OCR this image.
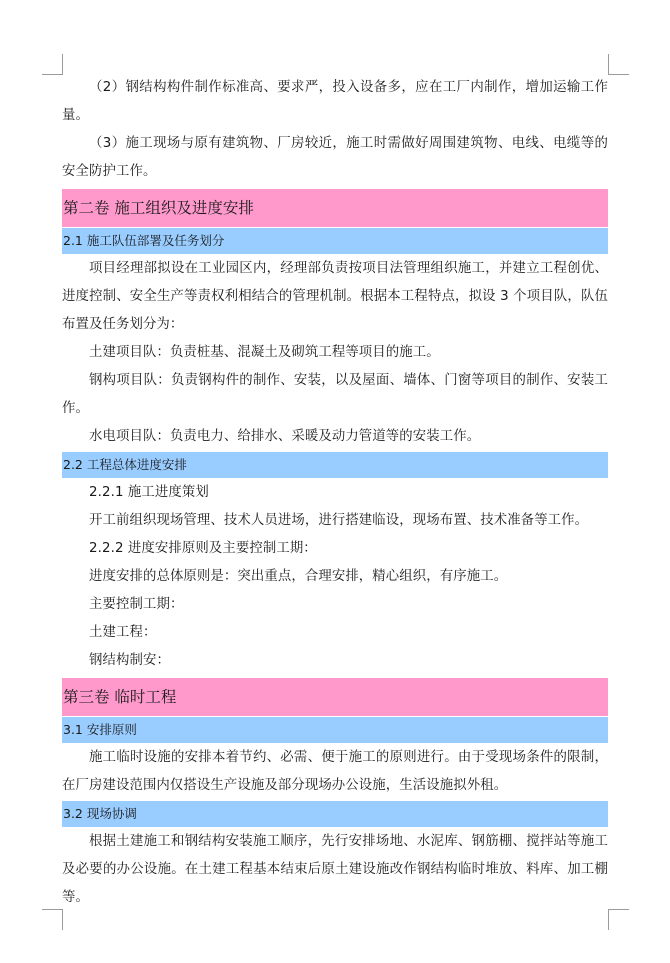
（2）钢结构构件制作标准高、要求严，投入设备多，应在工厂内制作，增加运输工作量。

（3）施工现场与原有建筑物、厂房较近，施工时需做好周围建筑物、电线、电缆等的安全防护工作。

第二卷 施工组织及进度安排
2.1 施工队伍部署及任务划分

项目经理部拟设在工业园区内，经理部负责按项目法管理组织施工，并建立工程创优、进度控制、安全生产等责权利相结合的管理机制。根据本工程特点，拟设 3 个项目队，队伍布置及任务划分为：

土建项目队：负责桩基、混凝土及砌筑工程等项目的施工。

钢构项目队：负责钢构件的制作、安装，以及屋面、墙体、门窗等项目的制作、安装工作。

水电项目队：负责电力、给排水、采暖及动力管道等的安装工作。

2.2 工程总体进度安排

2.2.1 施工进度策划

开工前组织现场管理、技术人员进场，进行搭建临设，现场布置、技术准备等工作。

2.2.2 进度安排原则及主要控制工期：

进度安排的总体原则是：突出重点，合理安排，精心组织，有序施工。

主要控制工期：

土建工程：

钢结构制安：

第三卷 临时工程
3.1 安排原则

施工临时设施的安排本着节约、必需、便于施工的原则进行。由于受现场条件的限制，在厂房建设范围内仅搭设生产设施及部分现场办公设施，生活设施拟外租。

3.2 现场协调

根据土建施工和钢结构安装施工顺序，先行安排场地、水泥库、钢筋棚、搅拌站等施工及必要的办公设施。在土建工程基本结束后原土建设施改作钢结构临时堆放、料库、加工棚等。
